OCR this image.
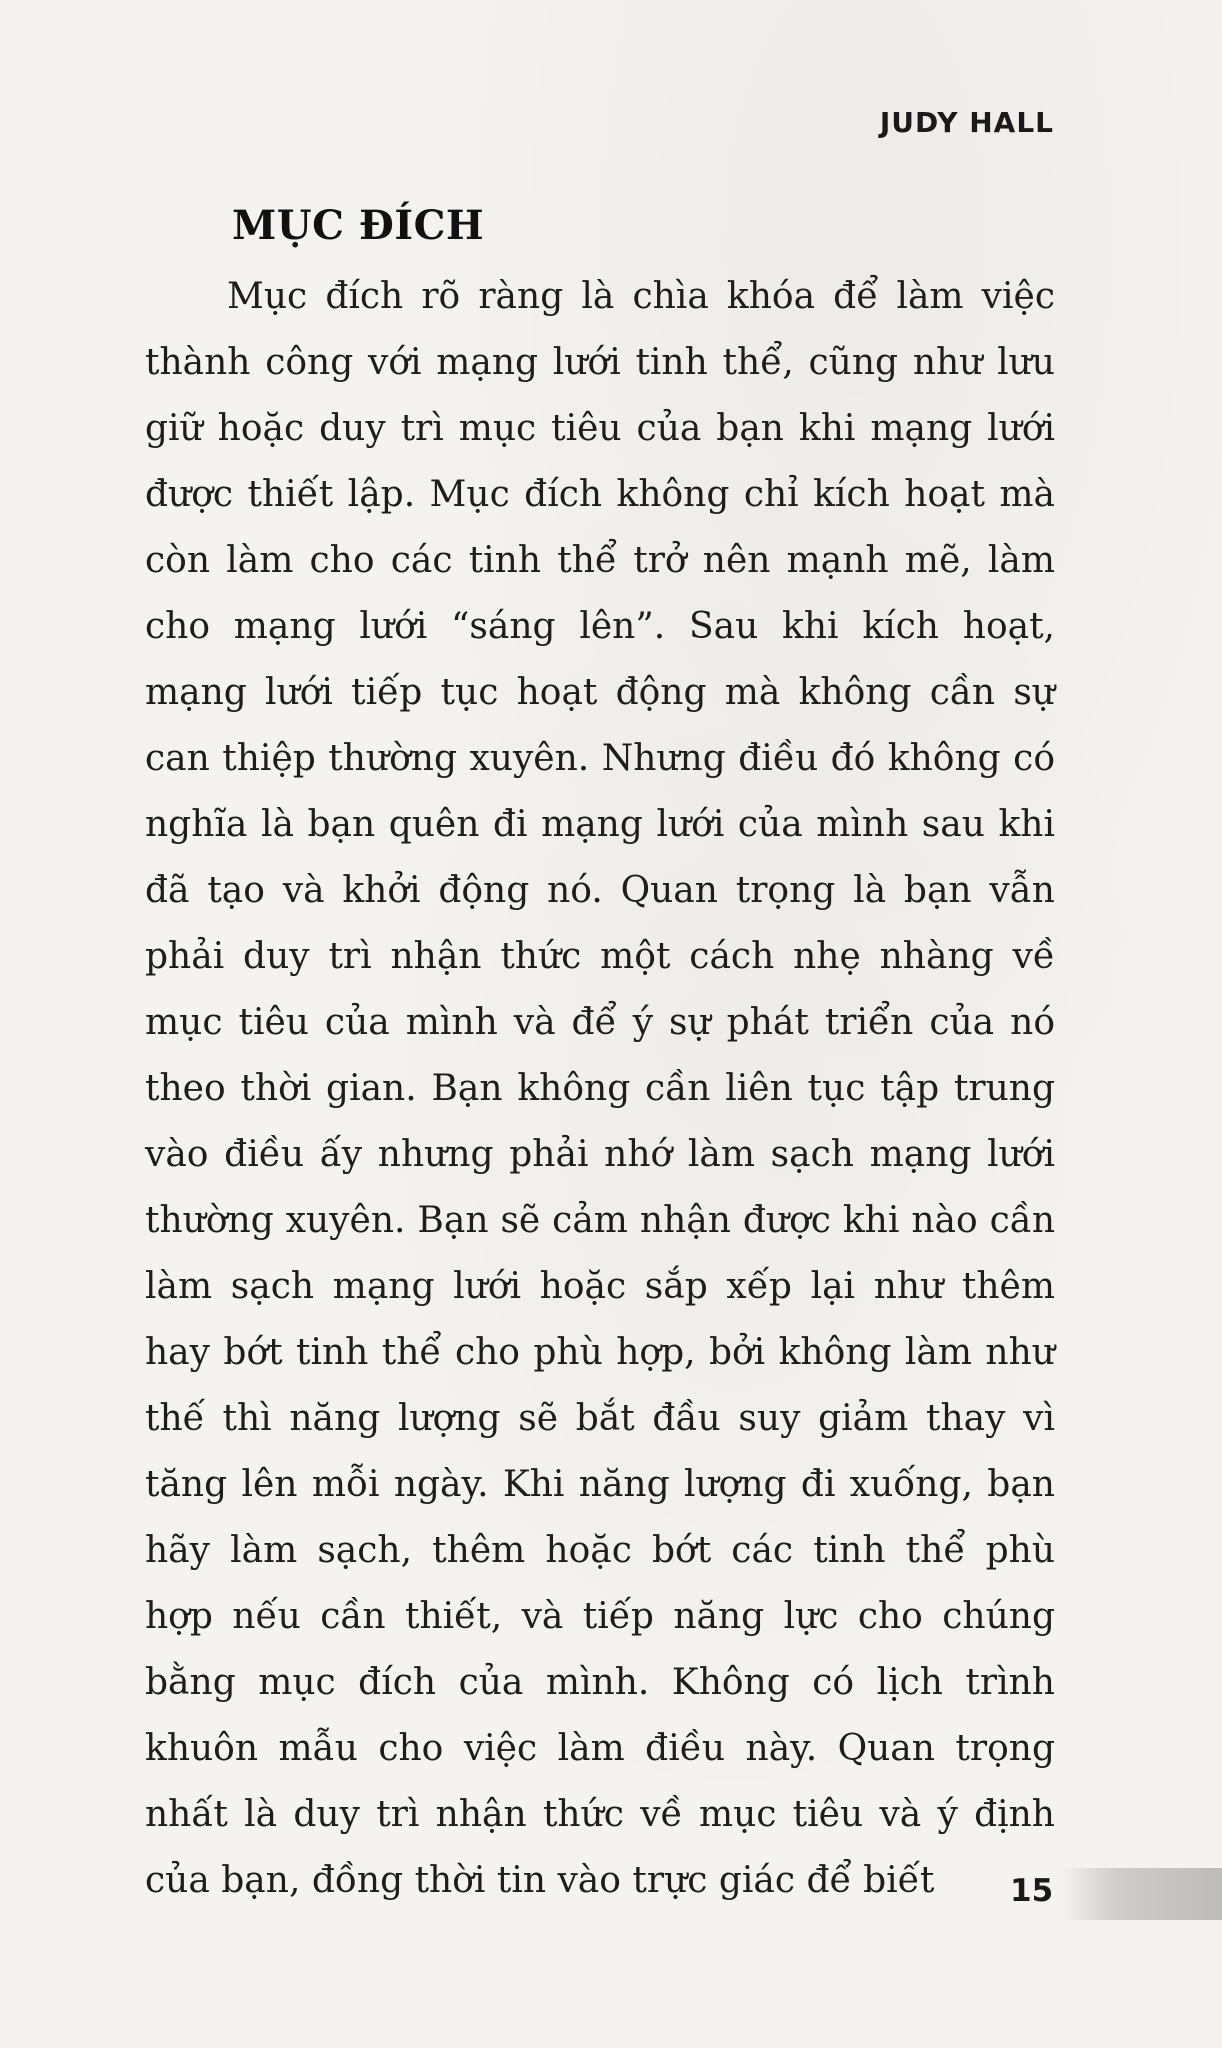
JUDY HALL
MỤC ĐÍCH

Mục đích rõ ràng là chìa khóa để làm việc thành công với mạng lưới tinh thể, cũng như lưu giữ hoặc duy trì mục tiêu của bạn khi mạng lưới được thiết lập. Mục đích không chỉ kích hoạt mà còn làm cho các tinh thể trở nên mạnh mẽ, làm cho mạng lưới “sáng lên”. Sau khi kích hoạt, mạng lưới tiếp tục hoạt động mà không cần sự can thiệp thường xuyên. Nhưng điều đó không có nghĩa là bạn quên đi mạng lưới của mình sau khi đã tạo và khởi động nó. Quan trọng là bạn vẫn phải duy trì nhận thức một cách nhẹ nhàng về mục tiêu của mình và để ý sự phát triển của nó theo thời gian. Bạn không cần liên tục tập trung vào điều ấy nhưng phải nhớ làm sạch mạng lưới thường xuyên. Bạn sẽ cảm nhận được khi nào cần làm sạch mạng lưới hoặc sắp xếp lại như thêm hay bớt tinh thể cho phù hợp, bởi không làm như thế thì năng lượng sẽ bắt đầu suy giảm thay vì tăng lên mỗi ngày. Khi năng lượng đi xuống, bạn hãy làm sạch, thêm hoặc bớt các tinh thể phù hợp nếu cần thiết, và tiếp năng lực cho chúng bằng mục đích của mình. Không có lịch trình khuôn mẫu cho việc làm điều này. Quan trọng nhất là duy trì nhận thức về mục tiêu và ý định của bạn, đồng thời tin vào trực giác để biết	15
